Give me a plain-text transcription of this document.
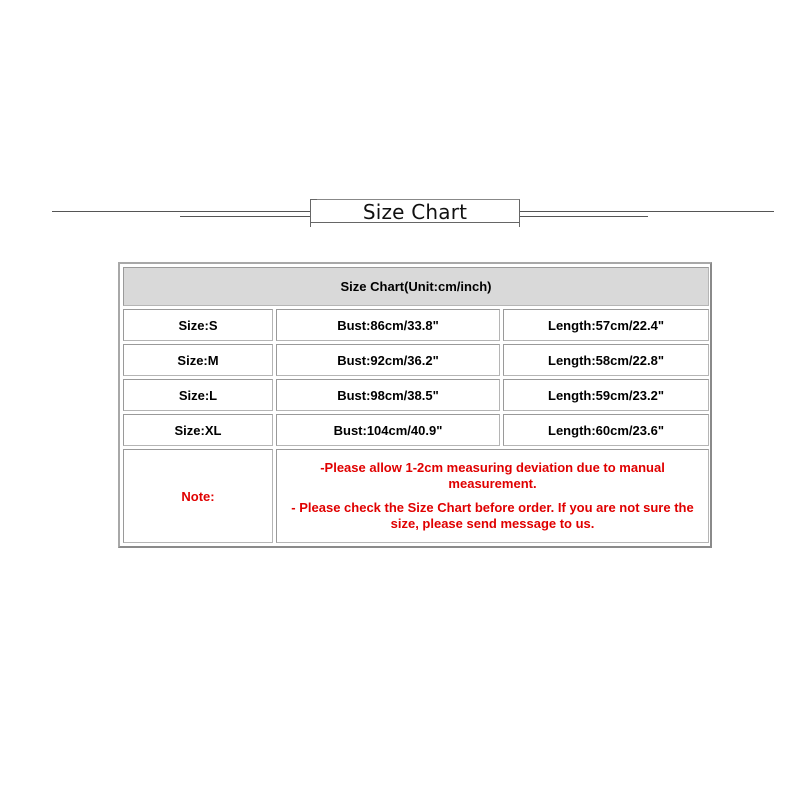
Size Chart
Size Chart(Unit:cm/inch)		
Size:S	Bust:86cm/33.8"	Length:57cm/22.4"
Size:M	Bust:92cm/36.2"	Length:58cm/22.8"
Size:L	Bust:98cm/38.5"	Length:59cm/23.2"
Size:XL	Bust:104cm/40.9"	Length:60cm/23.6"
Note:	-Please allow 1-2cm measuring deviation due to manual measurement.
- Please check the Size Chart before order. If you are not sure the size, please send message to us.	
